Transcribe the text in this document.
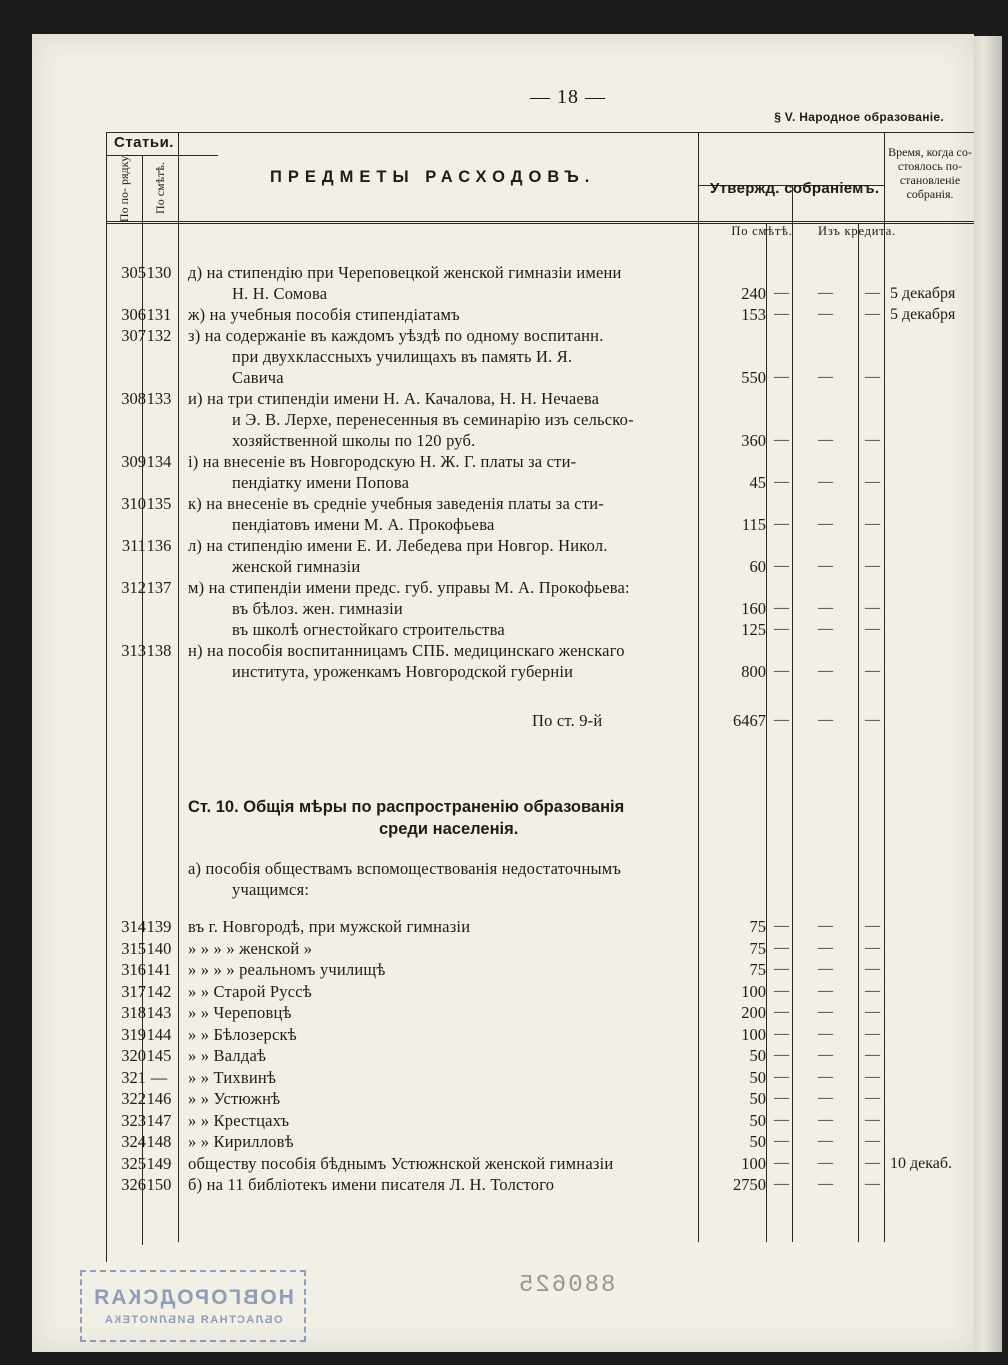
— 18 —
§ V. Народное образованіе.
Статьи.
По по- рядку. По смѣтѣ.	ПРЕДМЕТЫ РАСХОДОВЪ.
Утвержд. собраніемъ.
По смѣтѣ.	Изъ кредита.
Время, когда со- стоялось по- становленіе собранія.
По ст. 9-й	6467 — — —
Ст. 10. Общія мѣры по распространенію образованія
среди населенія.
а) пособія обществамъ вспомоществованія недостаточнымъ
учащимся:
НОВГОРОДСКАЯ
ОБЛАСТНАЯ БИБЛИОТЕКА
880625
305 130 д) на стипендію при Череповецкой женской гимназіи имени
Н. Н. Сомова	240 — — — 5 декабря
306 131 ж) на учебныя пособія стипендіатамъ	153 — — — 5 декабря
307 132 з) на содержаніе въ каждомъ уѣздѣ по одному воспитанн.
при двухклассныхъ училищахъ въ память И. Я.
Савича	550 — — —
308 133 и) на три стипендіи имени Н. А. Качалова, Н. Н. Нечаева
и Э. В. Лерхе, перенесенныя въ семинарію изъ сельско-
хозяйственной школы по 120 руб.	360 — — —
309 134 і) на внесеніе въ Новгородскую Н. Ж. Г. платы за сти-
пендіатку имени Попова	45 — — —
310 135 к) на внесеніе въ средніе учебныя заведенія платы за сти-
пендіатовъ имени М. А. Прокофьева	115 — — —
311 136 л) на стипендію имени Е. И. Лебедева при Новгор. Никол.
женской гимназіи	60 — — —
312 137 м) на стипендіи имени предс. губ. управы М. А. Прокофьева:
въ бѣлоз. жен. гимназіи	160 — — —
въ школѣ огнестойкаго строительства	125 — — —
313 138 н) на пособія воспитанницамъ СПБ. медицинскаго женскаго
института, уроженкамъ Новгородской губерніи	800 — — —
314 139 въ г. Новгородѣ, при мужской гимназіи	75 — — —
315 140 » » » » женской »	75 — — —
316 141 » » » » реальномъ училищѣ	75 — — —
317 142 » » Старой Руссѣ	100 — — —
318 143 » » Череповцѣ	200 — — —
319 144 » » Бѣлозерскѣ	100 — — —
320 145 » » Валдаѣ	50 — — —
321 —	» » Тихвинѣ	50 — — —
322 146 » » Устюжнѣ	50 — — —
323 147 » » Крестцахъ	50 — — —
324 148 » » Кирилловѣ	50 — — —
325 149 обществу пособія бѣднымъ Устюжнской женской гимназіи	100 — — — 10 декаб.
326 150 б) на 11 библіотекъ имени писателя Л. Н. Толстого	2750 — — —
